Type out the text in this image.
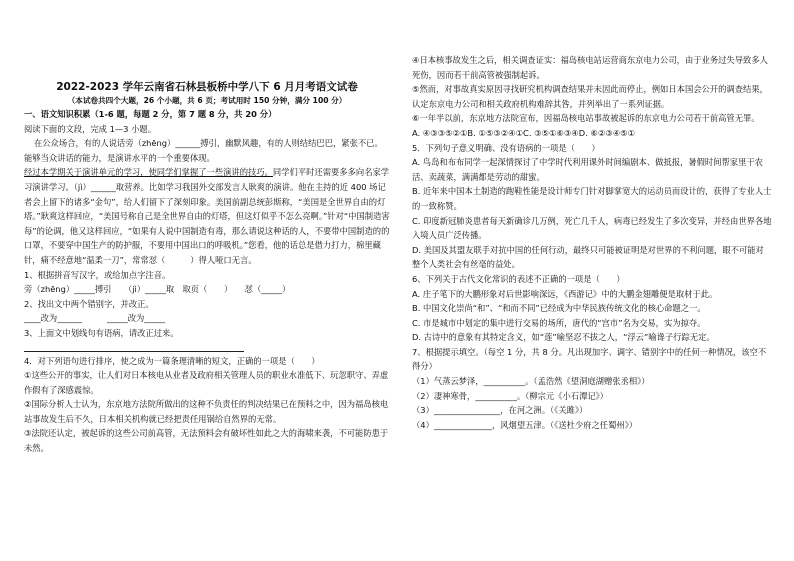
2022-2023 学年云南省石林县板桥中学八下 6 月月考语文试卷
（本试卷共四个大题，26 个小题，共 6 页；考试用时 150 分钟，满分 100 分）

一、语文知识积累（1-6 题，每题 2 分，第 7 题 8 分，共 20 分）

阅读下面的文段，完成 1—3 小题。

在公众场合，有的人说话旁（zhēng）______搏引，幽默风趣，有的人则结结巴巴，紧张不已。能够当众讲话的能力，是演讲水平的一个重要体现。

经过本学期关于演讲单元的学习，使同学们掌握了一些演讲的技巧。同学们平时还需要多多向名家学习演讲学习。（jì）______取营养。比如学习我国外交部发言人耿爽的演讲。他在主持的近 400 场记者会上留下的诸多“金句”，给人们留下了深刻印象。美国前副总统彭斯称，“美国是全世界自由的灯塔。”耿爽这样回应，“美国号称自己是全世界自由的灯塔，但这灯似乎不怎么亮啊。”针对“中国制造害每”的论调，他又这样回应，“如果有人说中国制造有毒，那么请说这种话的人，不要带中国制造的的口罩，不要穿中国生产的防护服，不要用中国出口的呼吸机。”您看，他的话总是借力打力，棉里藏针，痛不经意地“温柔一刀”，常常怼（　　　）得人哑口无言。

1、根据拼音写汉字，或给加点字注音。

旁（zhēng）_____搏引　　（jì）_____取　取页（　　）　　怼（_____）

2、找出文中两个错别字，并改正。

____改为______　　　_____改为_____

3、上面文中划线句有语病，请改正过来。

4．对下列语句进行排序，使之成为一篇条理清晰的短文，正确的一项是（　　）

①这些公开的事实，让人们对日本核电从业者及政府相关管理人员的职业水准低下、玩忽职守、弄虚作假有了深感震惊。

②国际分析人士认为，东京地方法院所做出的这种不负责任的判决结果已在预料之中，因为福岛核电站事故发生后不久，日本相关机构就已经把责任甩锅给自然界的无常。

③法院还认定，被起诉的这些公司前高管，无法预料会有破坏性如此之大的海啸来袭，不可能防患于未然。

④日本核事故发生之后，相关调查证实：福岛核电站运营商东京电力公司，由于业务过失导致多人死伤，因而若干前高管被强制起诉。

⑤然而，对事故真实原因寻找研究机构调查结果并未因此而停止，例如日本国会公开的调查结果，认定东京电力公司和相关政府机构难辞其咎，并列举出了一系列证据。

⑥一年半以前，东京地方法院宣布，因福岛核电站事故被起诉的东京电力公司若干前高管无罪。

A. ④③③⑤②①B. ①⑤③②④①C. ③⑤①⑥③④D. ⑥②③④⑤①

5．下列句子意义明确、没有语病的一项是（　　）

A. 鸟岛和布布同学一起深情探讨了中学时代利用课外时间编剧本、做抵报，暑假时间帮家里干农活、卖蔬菜，满满都是劳动的甜蜜。

B. 近年来中国本土制造的跑鞋性能是设计师专门针对脚掌宽大的运动员而设计的，获得了专业人士的一致称赞。

C. 印度新冠肺炎患者每天新确诊几万例，死亡几千人，病毒已经发生了多次变异，并经由世界各地入境人员广泛传播。

D. 美国及其盟友联手对抗中国的任何行动，最终只可能被证明是对世界的不利问题，眼不可能对整个人类社会有丝毫的益处。

6、下列关于古代文化常识的表述不正确的一项是（　　）

A. 庄子笔下的大鹏形象对后世影响深远，《西游记》中的大鹏金翅雕便是取材于此。

B. 中国文化崇尚“和”、“和而不同”已经成为中华民族传统文化的核心命题之一。

C. 市是城市中划定的集中进行交易的场所，唐代的“宫市”名为交易，实为掠夺。

D. 古诗中的意象有其特定含义，如“莲”喻坚忍不拔之人，“浮云”喻谗子行踪无定。

7、根据提示填空。（每空 1 分，共 8 分。凡出现加字、调字、错别字中的任何一种情况，该空不得分）

（1）气蒸云梦泽，__________。（孟浩然《望洞庭湖赠张丞相》）

（2）凄神寒骨，__________。（柳宗元《小石潭记》）

（3）________________，在河之洲。（《关雎》）

（4）______________，风烟望五津。（《送杜少府之任蜀州》）
